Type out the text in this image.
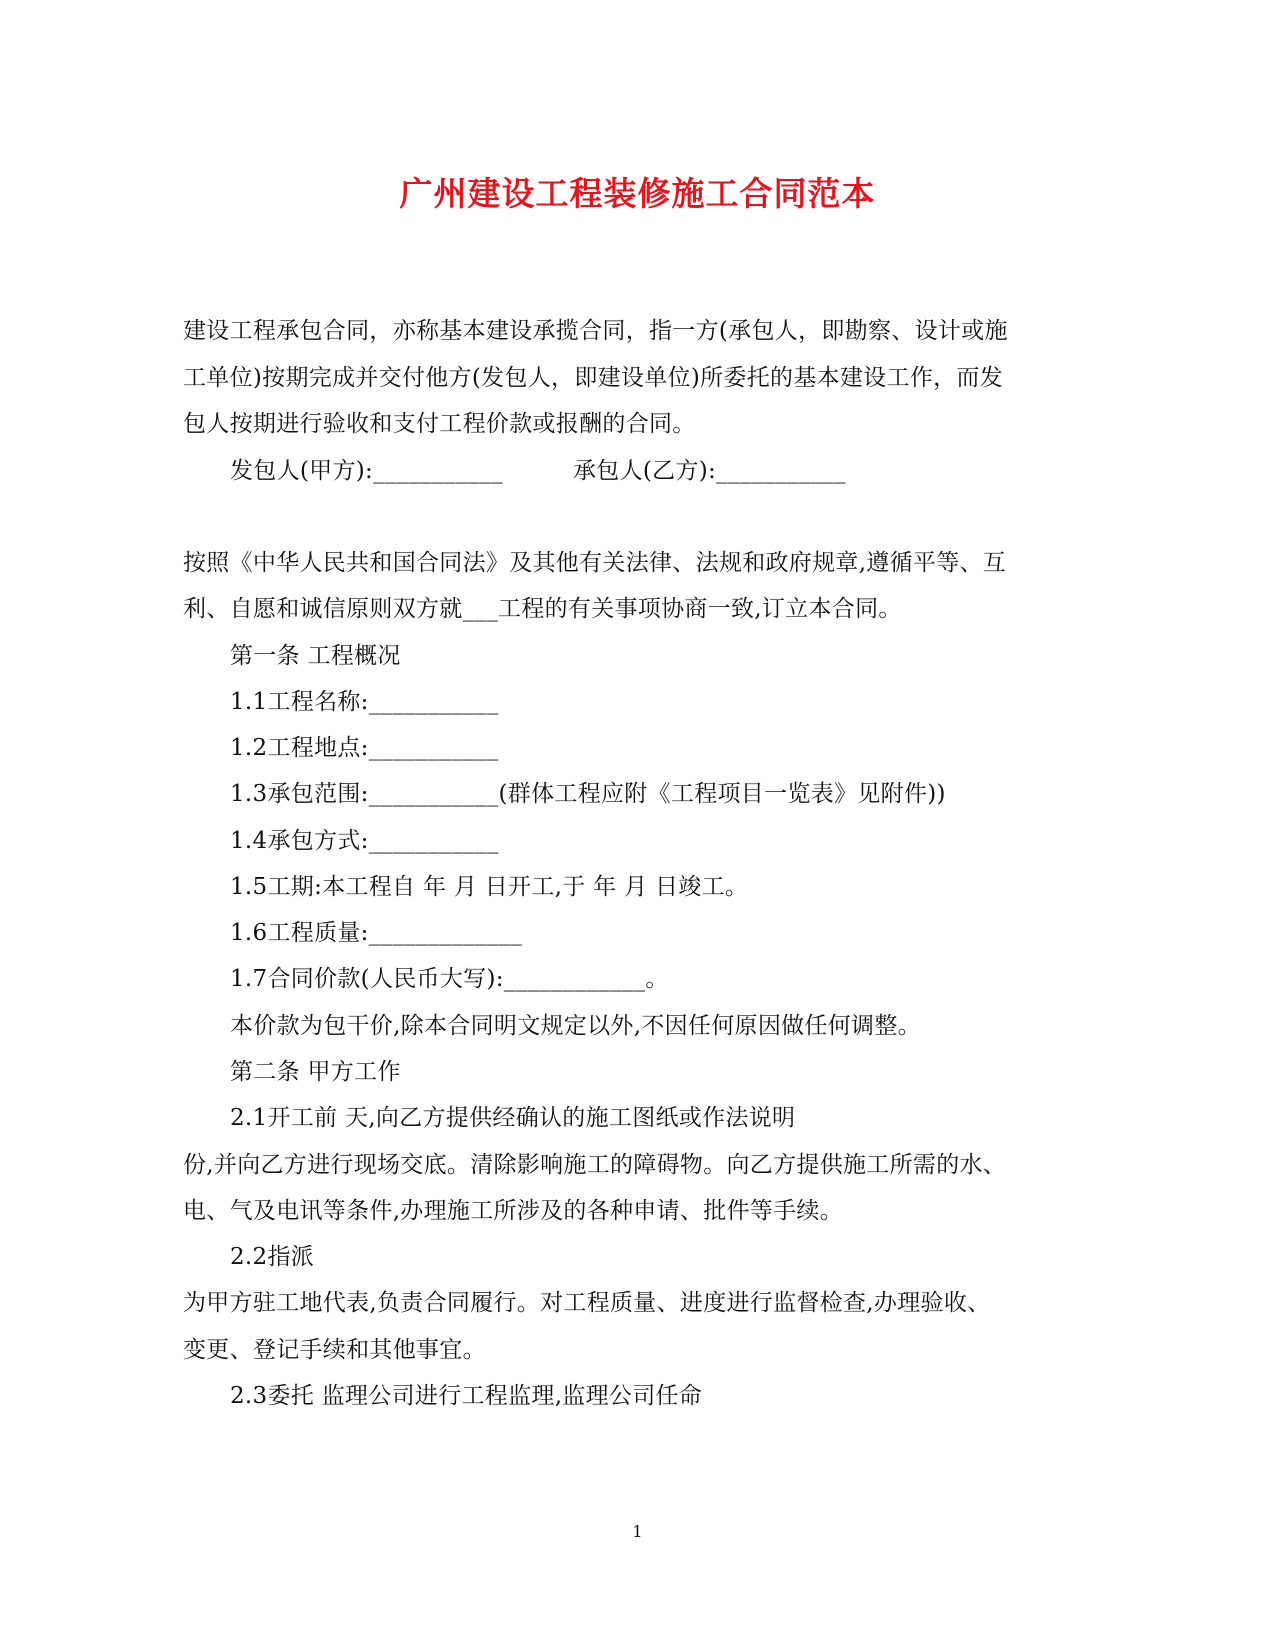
广州建设工程装修施工合同范本
建设工程承包合同，亦称基本建设承揽合同，指一方(承包人，即勘察、设计或施
工单位)按期完成并交付他方(发包人，即建设单位)所委托的基本建设工作，而发
包人按期进行验收和支付工程价款或报酬的合同。
发包人(甲方):___________	承包人(乙方):___________
按照《中华人民共和国合同法》及其他有关法律、法规和政府规章,遵循平等、互
利、自愿和诚信原则双方就___工程的有关事项协商一致,订立本合同。
第一条 工程概况
1.1工程名称:___________
1.2工程地点:___________
1.3承包范围:___________(群体工程应附《工程项目一览表》见附件))
1.4承包方式:___________
1.5工期:本工程自 年 月 日开工,于 年 月 日竣工。
1.6工程质量:_____________
1.7合同价款(人民币大写):____________。
本价款为包干价,除本合同明文规定以外,不因任何原因做任何调整。
第二条 甲方工作
2.1开工前 天,向乙方提供经确认的施工图纸或作法说明
份,并向乙方进行现场交底。清除影响施工的障碍物。向乙方提供施工所需的水、
电、气及电讯等条件,办理施工所涉及的各种申请、批件等手续。
2.2指派
为甲方驻工地代表,负责合同履行。对工程质量、进度进行监督检查,办理验收、
变更、登记手续和其他事宜。
2.3委托 监理公司进行工程监理,监理公司任命
1
